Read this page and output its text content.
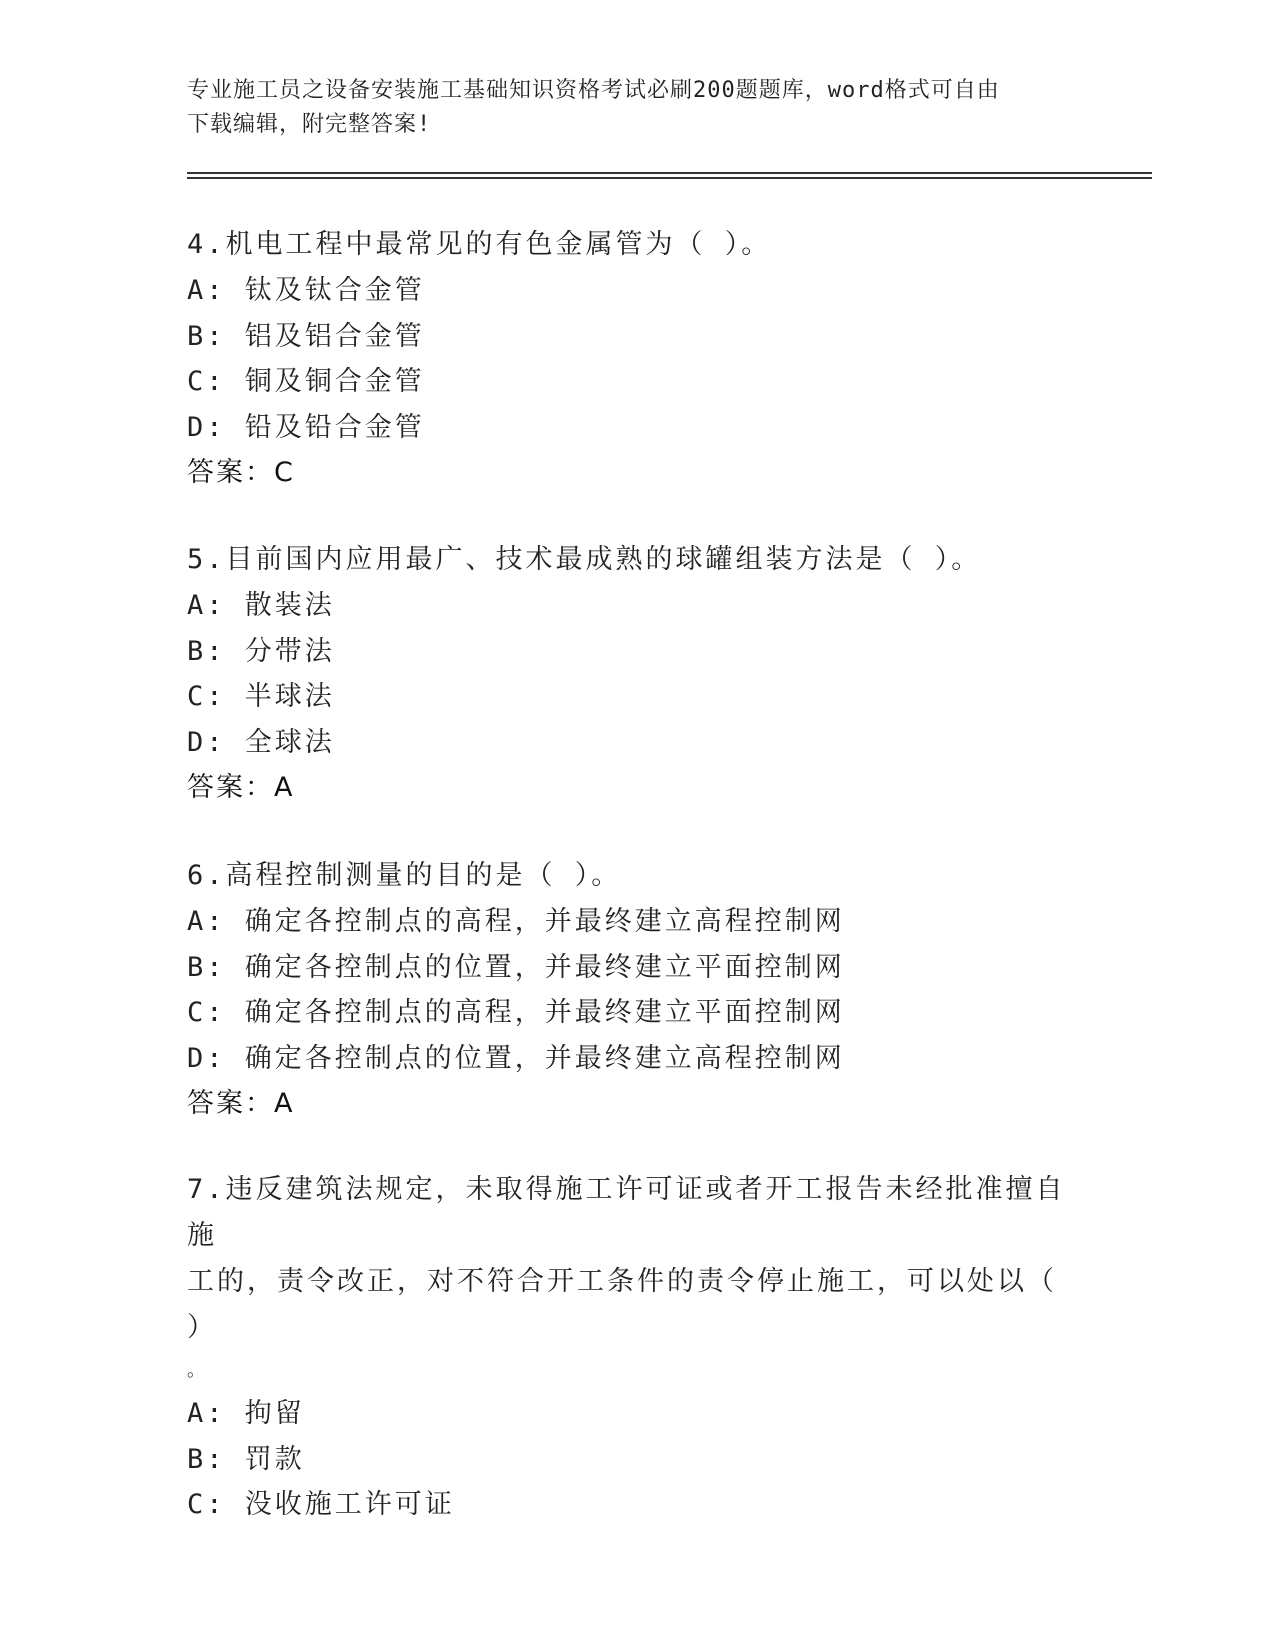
专业施工员之设备安装施工基础知识资格考试必刷200题题库，word格式可自由
下载编辑，附完整答案!

4.机电工程中最常见的有色金属管为（ ）。

A: 钛及钛合金管

B: 铝及铝合金管

C: 铜及铜合金管

D: 铅及铅合金管

答案：C

5.目前国内应用最广、技术最成熟的球罐组装方法是（ ）。

A: 散装法

B: 分带法

C: 半球法

D: 全球法

答案：A

6.高程控制测量的目的是（ ）。

A: 确定各控制点的高程，并最终建立高程控制网

B: 确定各控制点的位置，并最终建立平面控制网

C: 确定各控制点的高程，并最终建立平面控制网

D: 确定各控制点的位置，并最终建立高程控制网

答案：A

7.违反建筑法规定，未取得施工许可证或者开工报告未经批准擅自施

工的，责令改正，对不符合开工条件的责令停止施工，可以处以（ ）

。

A: 拘留

B: 罚款

C: 没收施工许可证
